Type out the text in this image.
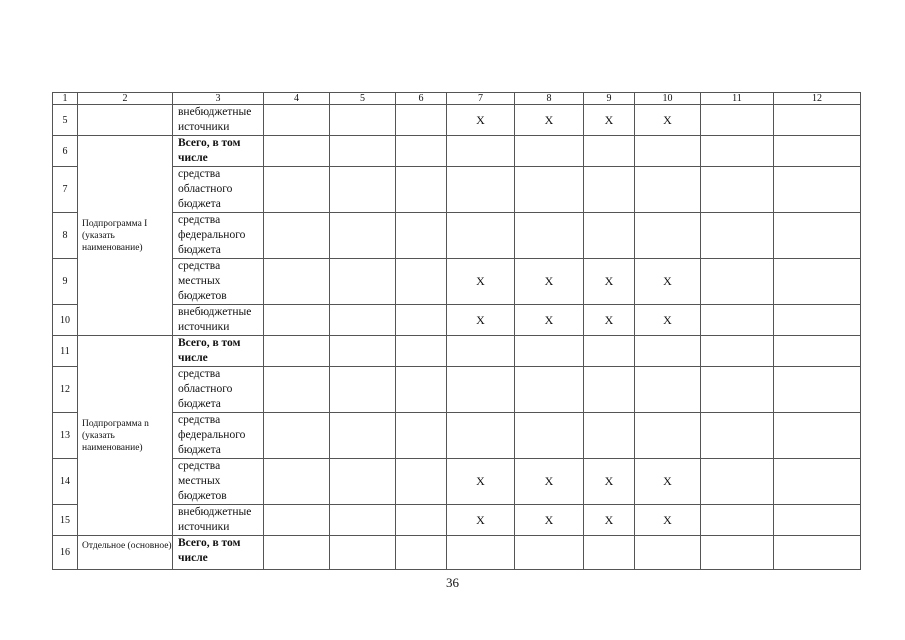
1	2	3	4	5	6	7	8	9	10	11	12
5		внебюджетные источники				Х	Х	Х	Х		
6	Подпрограмма I (указать наименование)	Всего, в том числе									
7		средства областного бюджета									
8		средства федерального бюджета									
9		средства местных бюджетов				Х	Х	Х	Х		
10		внебюджетные источники				Х	Х	Х	Х		
11	Подпрограмма n (указать наименование)	Всего, в том числе									
12		средства областного бюджета									
13		средства федерального бюджета									
14		средства местных бюджетов				Х	Х	Х	Х		
15		внебюджетные источники				Х	Х	Х	Х		
16	Отдельное (основное)	Всего, в том числе									
36
